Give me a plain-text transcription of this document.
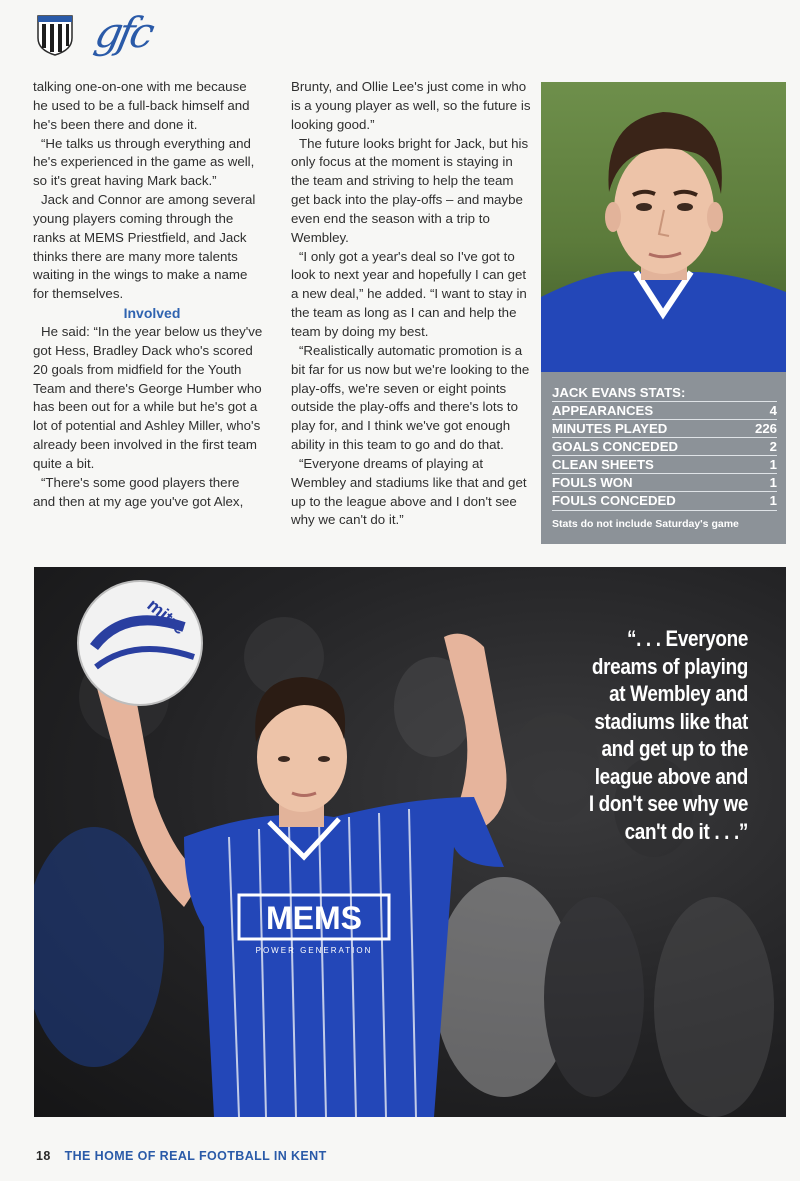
gfc

talking one-on-one with me because he used to be a full-back himself and he's been there and done it.

“He talks us through everything and he's experienced in the game as well, so it's great having Mark back.”

Jack and Connor are among several young players coming through the ranks at MEMS Priestfield, and Jack thinks there are many more talents waiting in the wings to make a name for themselves.

Involved

He said: “In the year below us they've got Hess, Bradley Dack who's scored 20 goals from midfield for the Youth Team and there's George Humber who has been out for a while but he's got a lot of potential and Ashley Miller, who's already been involved in the first team quite a bit.

“There's some good players there and then at my age you've got Alex,

Brunty, and Ollie Lee's just come in who is a young player as well, so the future is looking good.”

The future looks bright for Jack, but his only focus at the moment is staying in the team and striving to help the team get back into the play-offs – and maybe even end the season with a trip to Wembley.

“I only got a year's deal so I've got to look to next year and hopefully I can get a new deal,” he added. “I want to stay in the team as long as I can and help the team by doing my best.

“Realistically automatic promotion is a bit far for us now but we're looking to the play-offs, we're seven or eight points outside the play-offs and there's lots to play for, and I think we've got enough ability in this team to go and do that.

“Everyone dreams of playing at Wembley and stadiums like that and get up to the league above and I don't see why we can't do it.”

JACK EVANS STATS:
APPEARANCES	4
MINUTES PLAYED	226
GOALS CONCEDED	2
CLEAN SHEETS	1
FOULS WON	1
FOULS CONCEDED	1
Stats do not include Saturday's game
mitre
MEMS
POWER GENERATION
“. . . Everyone
dreams of playing
at Wembley and
stadiums like that
and get up to the
league above and
I don't see why we
can't do it . . .”
18 THE HOME OF REAL FOOTBALL IN KENT
